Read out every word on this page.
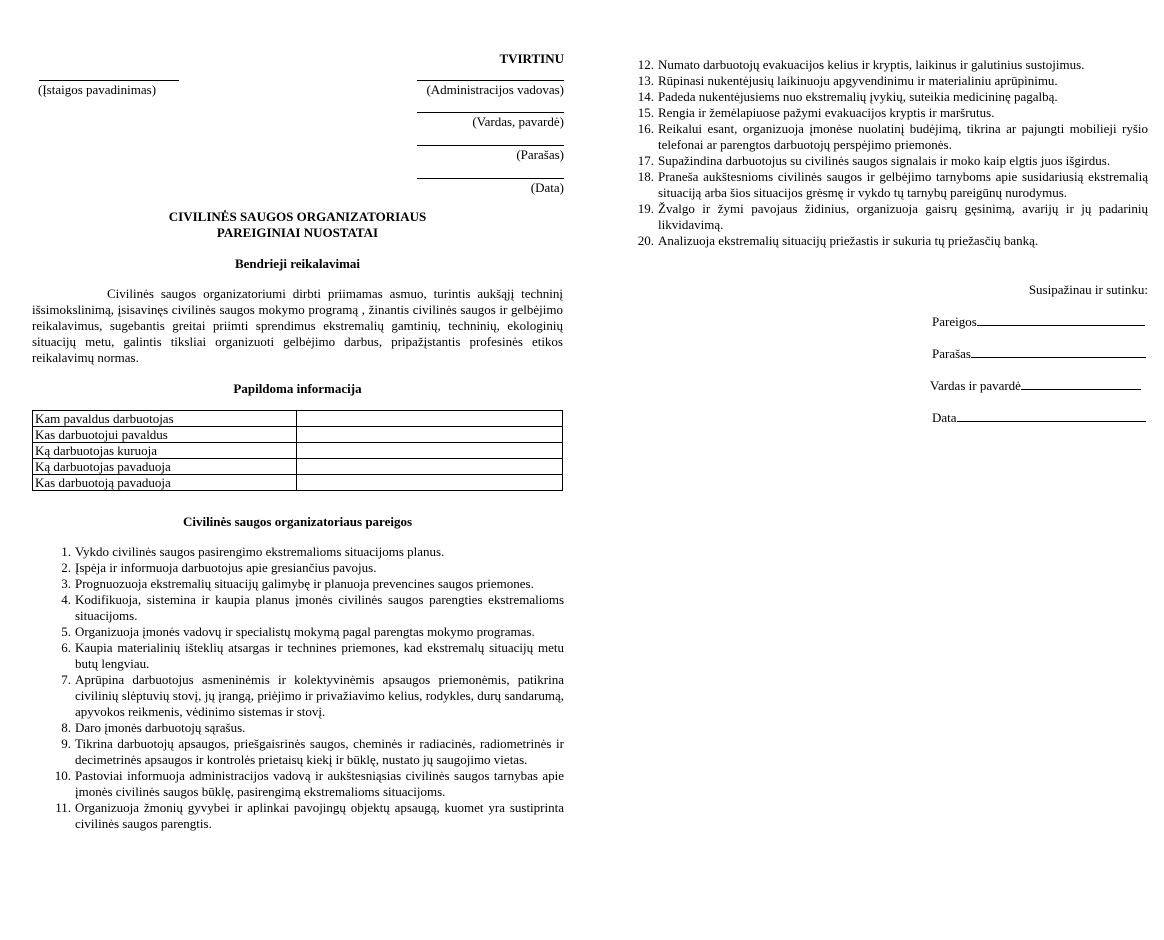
TVIRTINU
(Įstaigos pavadinimas)	(Administracijos vadovas)
(Vardas, pavardė)
(Parašas)
(Data)
CIVILINĖS SAUGOS ORGANIZATORIAUS
PAREIGINIAI NUOSTATAI
Bendrieji reikalavimai
Civilinės saugos organizatoriumi dirbti priimamas asmuo, turintis aukšąjį techninį išsimokslinimą, įsisavinęs civilinės saugos mokymo programą , žinantis civilinės saugos ir gelbėjimo reikalavimus, sugebantis greitai priimti sprendimus ekstremalių gamtinių, techninių, ekologinių situacijų metu, galintis tiksliai organizuoti gelbėjimo darbus, pripažįstantis profesinės etikos reikalavimų normas.
Papildoma informacija
Kam pavaldus darbuotojas	
Kas darbuotojui pavaldus	
Ką darbuotojas kuruoja	
Ką darbuotojas pavaduoja	
Kas darbuotoją pavaduoja	
Civilinės saugos organizatoriaus pareigos
1. Vykdo civilinės saugos pasirengimo ekstremalioms situacijoms planus.
2. Įspėja ir informuoja darbuotojus apie gresiančius pavojus.
3. Prognuozuoja ekstremalių situacijų galimybę ir planuoja prevencines saugos priemones.
4. Kodifikuoja, sistemina ir kaupia planus įmonės civilinės saugos parengties ekstremalioms situacijoms.
5. Organizuoja įmonės vadovų ir specialistų mokymą pagal parengtas mokymo programas.
6. Kaupia materialinių išteklių atsargas ir technines priemones, kad ekstremalų situacijų metu butų lengviau.
7. Aprūpina darbuotojus asmeninėmis ir kolektyvinėmis apsaugos priemonėmis, patikrina civilinių slėptuvių stovį, jų įrangą, priėjimo ir privažiavimo kelius, rodykles, durų sandarumą, apyvokos reikmenis, vėdinimo sistemas ir stovį.
8. Daro įmonės darbuotojų sąrašus.
9. Tikrina darbuotojų apsaugos, priešgaisrinės saugos, cheminės ir radiacinės, radiometrinės ir decimetrinės apsaugos ir kontrolės prietaisų kiekį ir būklę, nustato jų saugojimo vietas.
10. Pastoviai informuoja administracijos vadovą ir aukštesniąsias civilinės saugos tarnybas apie įmonės civilinės saugos būklę, pasirengimą ekstremalioms situacijoms.
11. Organizuoja žmonių gyvybei ir aplinkai pavojingų objektų apsaugą, kuomet yra sustiprinta civilinės saugos parengtis.
12. Numato darbuotojų evakuacijos kelius ir kryptis, laikinus ir galutinius sustojimus.
13. Rūpinasi nukentėjusių laikinuoju apgyvendinimu ir materialiniu aprūpinimu.
14. Padeda nukentėjusiems nuo ekstremalių įvykių, suteikia medicininę pagalbą.
15. Rengia ir žemėlapiuose pažymi evakuacijos kryptis ir maršrutus.
16. Reikalui esant, organizuoja įmonėse nuolatinį budėjimą, tikrina ar pajungti mobiliejі ryšio telefonai ar parengtos darbuotojų perspėjimo priemonės.
17. Supažindina darbuotojus su civilinės saugos signalais ir moko kaip elgtis juos išgirdus.
18. Praneša aukštesnioms civilinės saugos ir gelbėjimo tarnyboms apie susidariusią ekstremalią situaciją arba šios situacijos grėsmę ir vykdo tų tarnybų pareigūnų nurodymus.
19. Žvalgo ir žymi pavojaus židinius, organizuoja gaisrų gęsinimą, avarijų ir jų padarinių likvidavimą.
20. Analizuoja ekstremalių situacijų priežastis ir sukuria tų priežasčių banką.
Susipažinau ir sutinku:
Pareigos
Parašas
Vardas ir pavardė
Data
